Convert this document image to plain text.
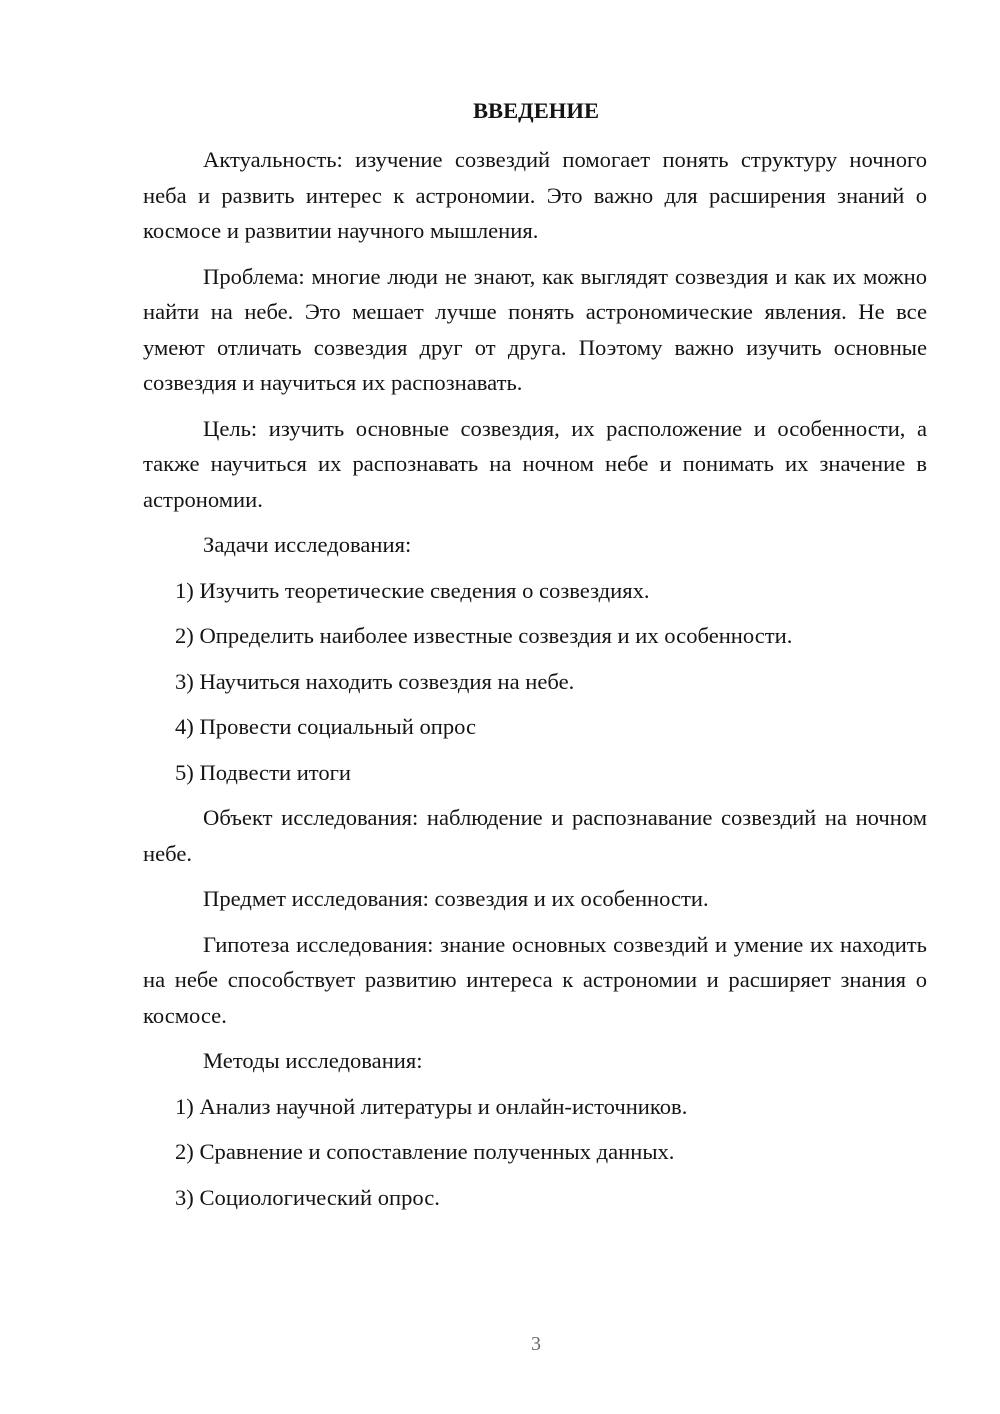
ВВЕДЕНИЕ

Актуальность: изучение созвездий помогает понять структуру ночного неба и развить интерес к астрономии. Это важно для расширения знаний о космосе и развитии научного мышления.

Проблема: многие люди не знают, как выглядят созвездия и как их можно найти на небе. Это мешает лучше понять астрономические явления. Не все умеют отличать созвездия друг от друга. Поэтому важно изучить основные созвездия и научиться их распознавать.

Цель: изучить основные созвездия, их расположение и особенности, а также научиться их распознавать на ночном небе и понимать их значение в астрономии.

Задачи исследования:

1) Изучить теоретические сведения о созвездиях.

2) Определить наиболее известные созвездия и их особенности.

3) Научиться находить созвездия на небе.

4) Провести социальный опрос

5) Подвести итоги

Объект исследования: наблюдение и распознавание созвездий на ночном небе.

Предмет исследования: созвездия и их особенности.

Гипотеза исследования: знание основных созвездий и умение их находить на небе способствует развитию интереса к астрономии и расширяет знания о космосе.

Методы исследования:

1) Анализ научной литературы и онлайн-источников.

2) Сравнение и сопоставление полученных данных.

3) Социологический опрос.

3
